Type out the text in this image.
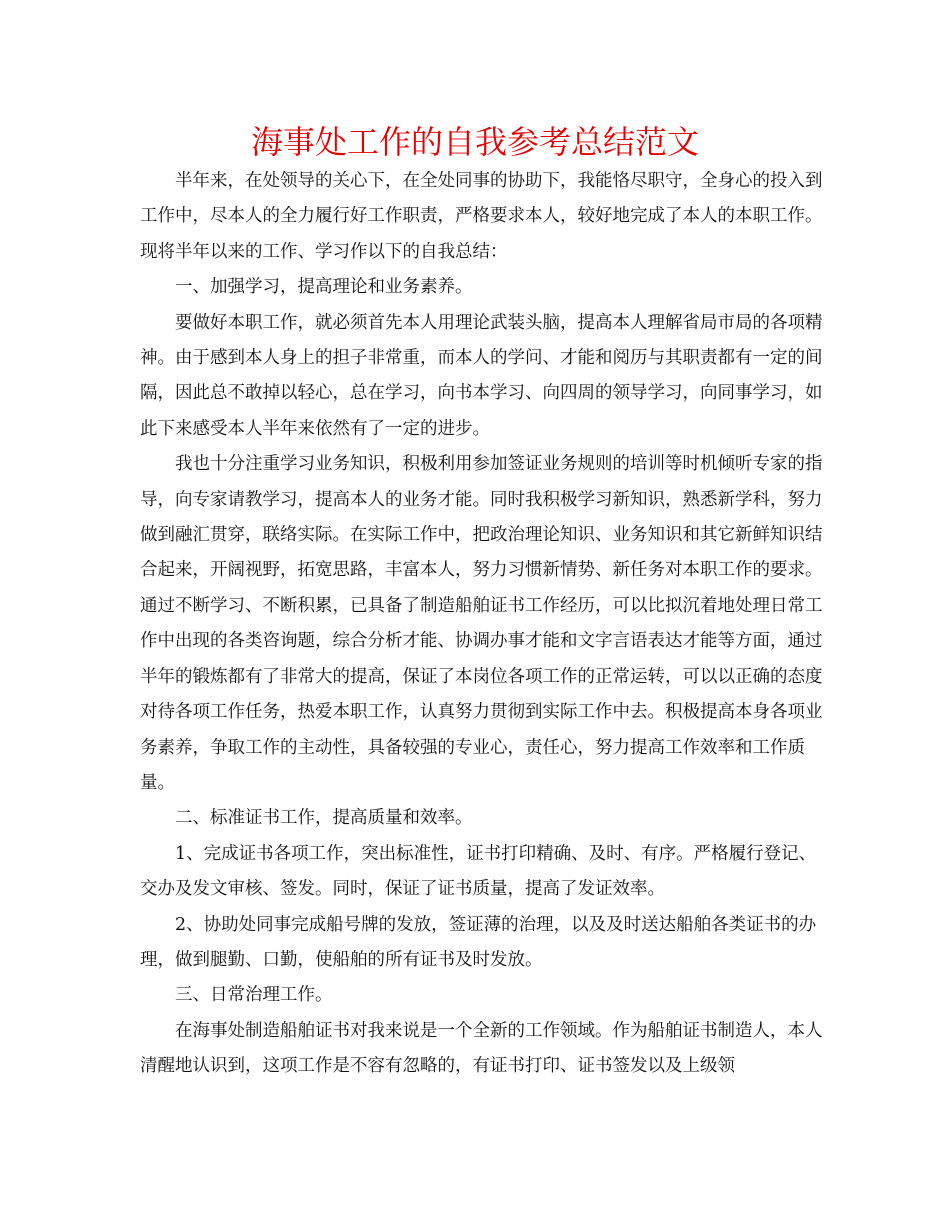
海事处工作的自我参考总结范文

半年来，在处领导的关心下，在全处同事的协助下，我能恪尽职守，全身心的投入到工作中，尽本人的全力履行好工作职责，严格要求本人，较好地完成了本人的本职工作。现将半年以来的工作、学习作以下的自我总结：

一、加强学习，提高理论和业务素养。

要做好本职工作，就必须首先本人用理论武装头脑，提高本人理解省局市局的各项精神。由于感到本人身上的担子非常重，而本人的学问、才能和阅历与其职责都有一定的间隔，因此总不敢掉以轻心，总在学习，向书本学习、向四周的领导学习，向同事学习，如此下来感受本人半年来依然有了一定的进步。

我也十分注重学习业务知识，积极利用参加签证业务规则的培训等时机倾听专家的指导，向专家请教学习，提高本人的业务才能。同时我积极学习新知识，熟悉新学科，努力做到融汇贯穿，联络实际。在实际工作中，把政治理论知识、业务知识和其它新鲜知识结合起来，开阔视野，拓宽思路，丰富本人，努力习惯新情势、新任务对本职工作的要求。通过不断学习、不断积累，已具备了制造船舶证书工作经历，可以比拟沉着地处理日常工作中出现的各类咨询题，综合分析才能、协调办事才能和文字言语表达才能等方面，通过半年的锻炼都有了非常大的提高，保证了本岗位各项工作的正常运转，可以以正确的态度对待各项工作任务，热爱本职工作，认真努力贯彻到实际工作中去。积极提高本身各项业务素养，争取工作的主动性，具备较强的专业心，责任心，努力提高工作效率和工作质量。

二、标准证书工作，提高质量和效率。

1、完成证书各项工作，突出标准性，证书打印精确、及时、有序。严格履行登记、交办及发文审核、签发。同时，保证了证书质量，提高了发证效率。

2、协助处同事完成船号牌的发放，签证薄的治理，以及及时送达船舶各类证书的办理，做到腿勤、口勤，使船舶的所有证书及时发放。

三、日常治理工作。

在海事处制造船舶证书对我来说是一个全新的工作领域。作为船舶证书制造人，本人清醒地认识到，这项工作是不容有忽略的，有证书打印、证书签发以及上级领
